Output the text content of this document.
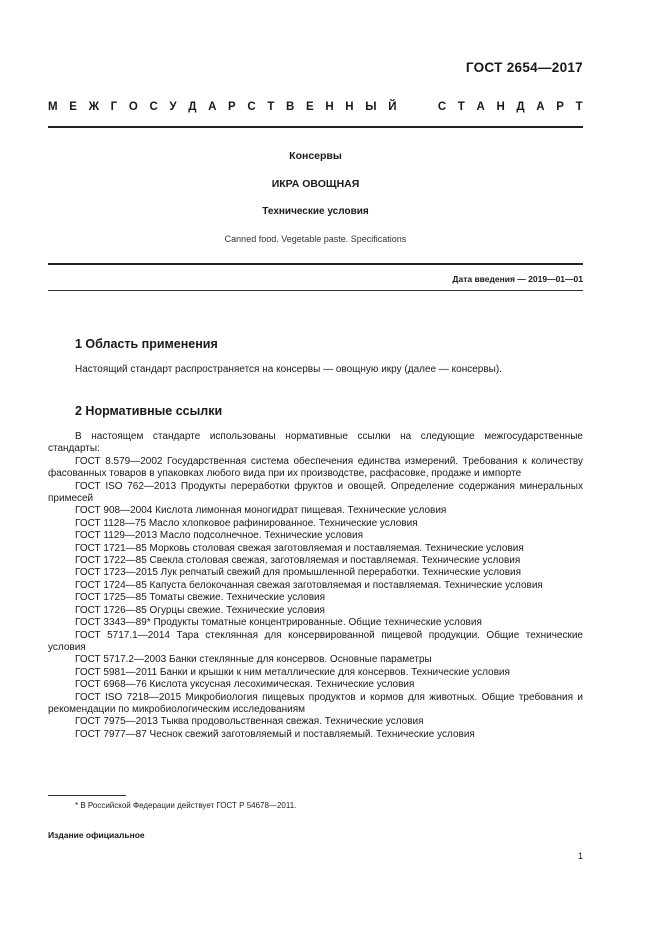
ГОСТ 2654—2017
М Е Ж Г О С У Д А Р С Т В Е Н Н Ы Й

	С Т А Н Д А Р Т
Консервы
ИКРА ОВОЩНАЯ
Технические условия
Canned food. Vegetable paste. Specifications
Дата введения — 2019—01—01
1 Область применения
Настоящий стандарт распространяется на консервы — овощную икру (далее — консервы).
2 Нормативные ссылки
В настоящем стандарте использованы нормативные ссылки на следующие межгосударственные стандарты:
ГОСТ 8.579—2002 Государственная система обеспечения единства измерений. Требования к количеству фасованных товаров в упаковках любого вида при их производстве, расфасовке, продаже и импорте
ГОСТ ISO 762—2013 Продукты переработки фруктов и овощей. Определение содержания минеральных примесей
ГОСТ 908—2004 Кислота лимонная моногидрат пищевая. Технические условия
ГОСТ 1128—75 Масло хлопковое рафинированное. Технические условия
ГОСТ 1129—2013 Масло подсолнечное. Технические условия
ГОСТ 1721—85 Морковь столовая свежая заготовляемая и поставляемая. Технические условия
ГОСТ 1722—85 Свекла столовая свежая, заготовляемая и поставляемая. Технические условия
ГОСТ 1723—2015 Лук репчатый свежий для промышленной переработки. Технические условия
ГОСТ 1724—85 Капуста белокочанная свежая заготовляемая и поставляемая. Технические условия
ГОСТ 1725—85 Томаты свежие. Технические условия
ГОСТ 1726—85 Огурцы свежие. Технические условия
ГОСТ 3343—89* Продукты томатные концентрированные. Общие технические условия
ГОСТ 5717.1—2014 Тара стеклянная для консервированной пищевой продукции. Общие технические условия
ГОСТ 5717.2—2003 Банки стеклянные для консервов. Основные параметры
ГОСТ 5981—2011 Банки и крышки к ним металлические для консервов. Технические условия
ГОСТ 6968—76 Кислота уксусная лесохимическая. Технические условия
ГОСТ ISO 7218—2015 Микробиология пищевых продуктов и кормов для животных. Общие требования и рекомендации по микробиологическим исследованиям
ГОСТ 7975—2013 Тыква продовольственная свежая. Технические условия
ГОСТ 7977—87 Чеснок свежий заготовляемый и поставляемый. Технические условия
* В Российской Федерации действует ГОСТ Р 54678—2011.
Издание официальное
1
